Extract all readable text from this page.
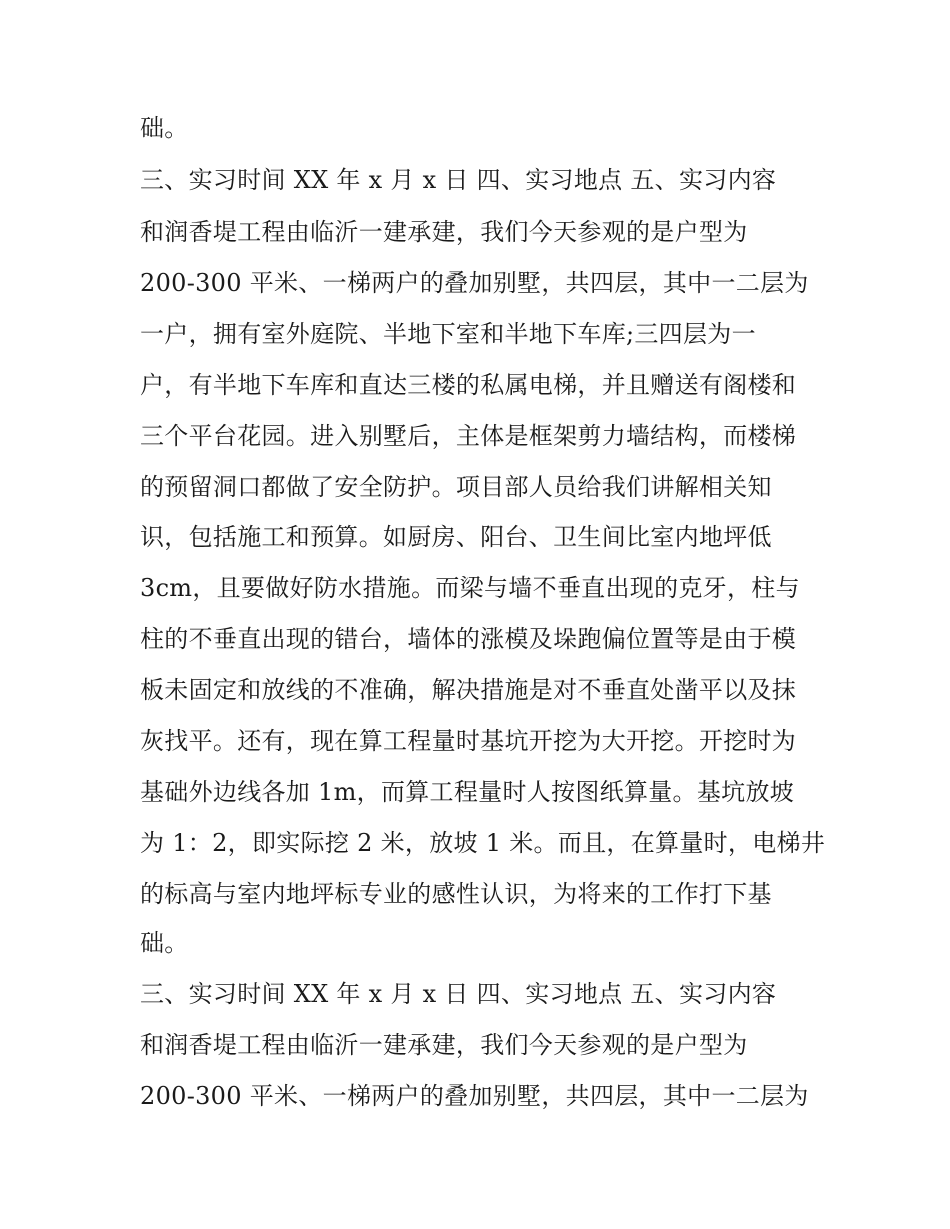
础。
三、实习时间 XX 年 x 月 x 日 四、实习地点 五、实习内容
和润香堤工程由临沂一建承建，我们今天参观的是户型为
200-300 平米、一梯两户的叠加别墅，共四层，其中一二层为
一户，拥有室外庭院、半地下室和半地下车库;三四层为一
户，有半地下车库和直达三楼的私属电梯，并且赠送有阁楼和
三个平台花园。进入别墅后，主体是框架剪力墙结构，而楼梯
的预留洞口都做了安全防护。项目部人员给我们讲解相关知
识，包括施工和预算。如厨房、阳台、卫生间比室内地坪低
3cm，且要做好防水措施。而梁与墙不垂直出现的克牙，柱与
柱的不垂直出现的错台，墙体的涨模及垛跑偏位置等是由于模
板未固定和放线的不准确，解决措施是对不垂直处凿平以及抹
灰找平。还有，现在算工程量时基坑开挖为大开挖。开挖时为
基础外边线各加 1m，而算工程量时人按图纸算量。基坑放坡
为 1：2，即实际挖 2 米，放坡 1 米。而且，在算量时，电梯井
的标高与室内地坪标专业的感性认识，为将来的工作打下基
础。
三、实习时间 XX 年 x 月 x 日 四、实习地点 五、实习内容
和润香堤工程由临沂一建承建，我们今天参观的是户型为
200-300 平米、一梯两户的叠加别墅，共四层，其中一二层为
